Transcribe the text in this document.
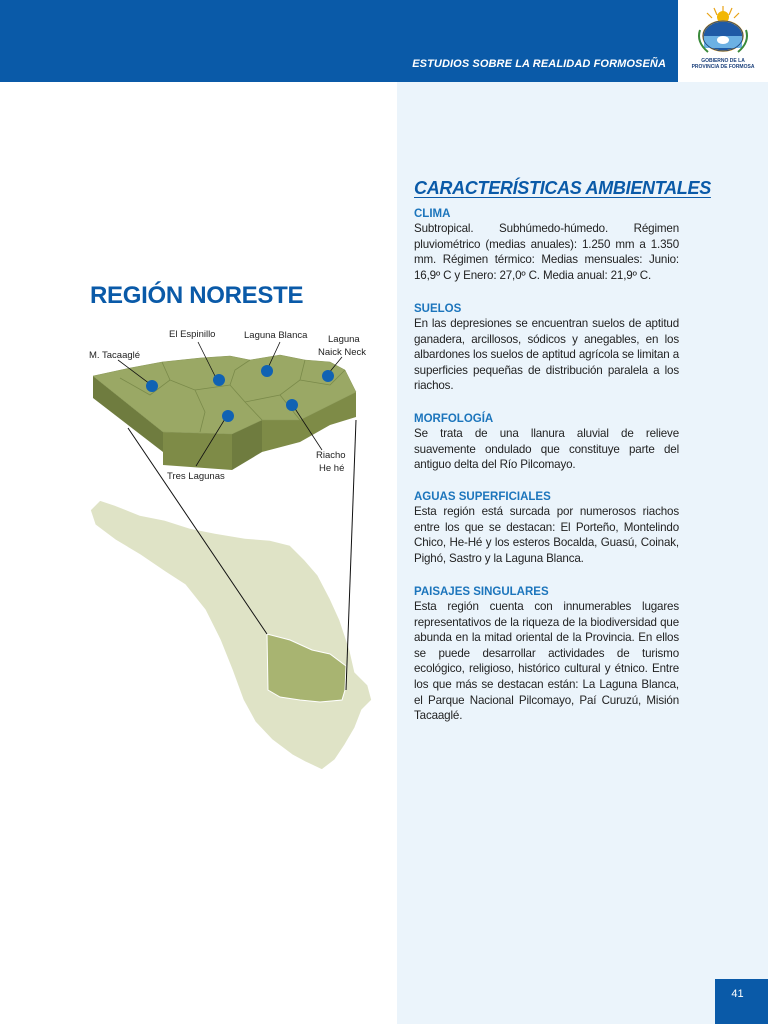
ESTUDIOS SOBRE LA REALIDAD FORMOSEÑA	GOBIERNO DE LA
PROVINCIA DE FORMOSA
REGIÓN NORESTE
El Espinillo	Laguna Blanca Laguna
Naick Neck
M. Tacaaglé
Riacho
He hé
Tres Lagunas
CARACTERÍSTICAS AMBIENTALES
CLIMA
Subtropical. Subhúmedo-húmedo. Régimen pluviométrico (medias anuales): 1.250 mm a 1.350 mm. Régimen térmico: Medias mensuales: Junio: 16,9º C y Enero: 27,0º C. Media anual: 21,9º C.
SUELOS
En las depresiones se encuentran suelos de aptitud ganadera, arcillosos, sódicos y anegables, en los albardones los suelos de aptitud agrícola se limitan a superficies pequeñas de distribución paralela a los riachos.
MORFOLOGÍA
Se trata de una llanura aluvial de relieve suavemente ondulado que constituye parte del antiguo delta del Río Pilcomayo.
AGUAS SUPERFICIALES
Esta región está surcada por numerosos riachos entre los que se destacan: El Porteño, Montelindo Chico, He-Hé y los esteros Bocalda, Guasú, Coinak, Pighó, Sastro y la Laguna Blanca.
PAISAJES SINGULARES
Esta región cuenta con innumerables lugares representativos de la riqueza de la biodiversidad que abunda en la mitad oriental de la Provincia. En ellos se puede desarrollar actividades de turismo ecológico, religioso, histórico cultural y étnico. Entre los que más se destacan están: La Laguna Blanca, el Parque Nacional Pilcomayo, Paí Curuzú, Misión Tacaaglé.
41
